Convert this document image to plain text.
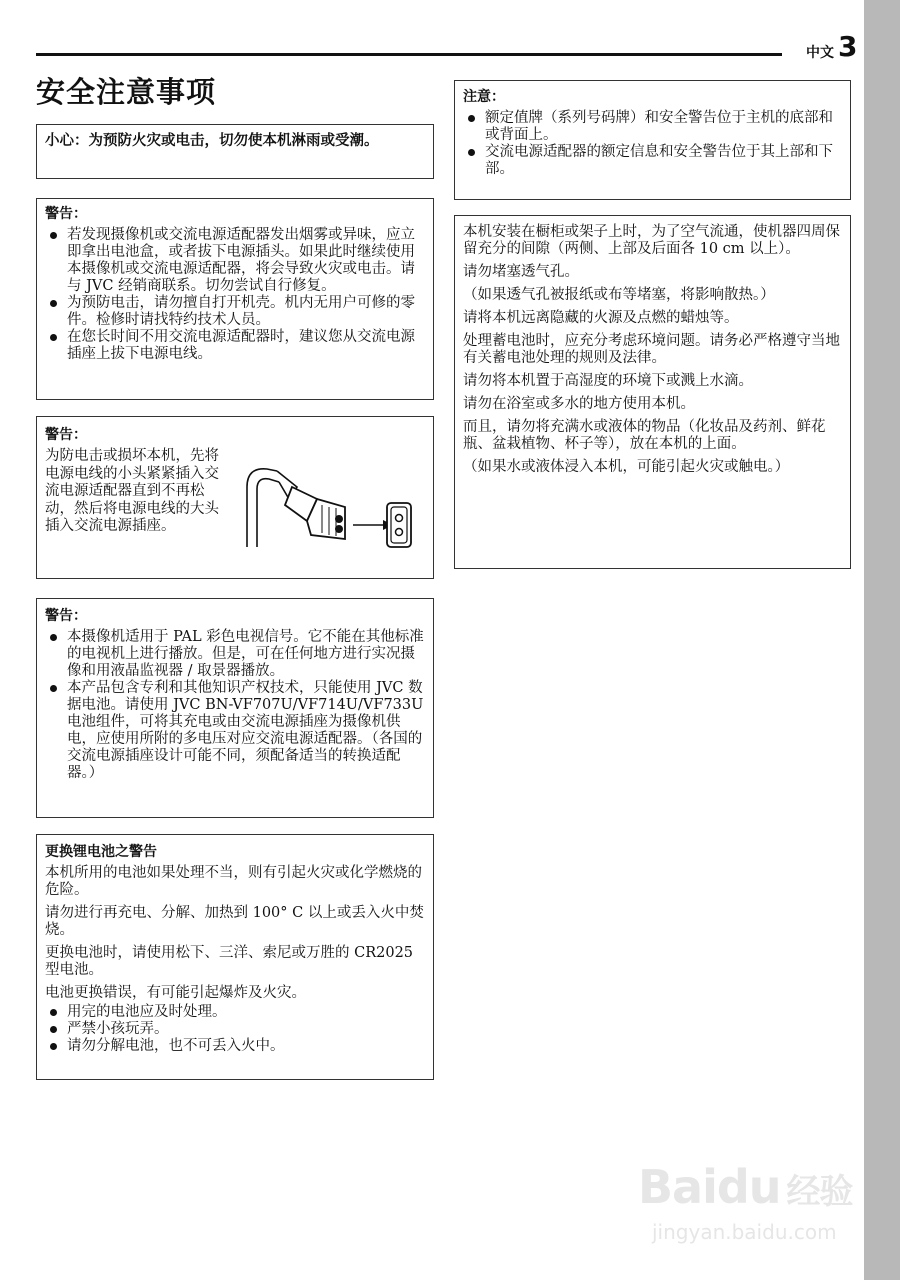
中文 3
安全注意事项
小心：为预防火灾或电击，切勿使本机淋雨或受潮。
警告：
若发现摄像机或交流电源适配器发出烟雾或异味，应立即拿出电池盒，或者拔下电源插头。如果此时继续使用本摄像机或交流电源适配器，将会导致火灾或电击。请与 JVC 经销商联系。切勿尝试自行修复。
为预防电击，请勿擅自打开机壳。机内无用户可修的零件。检修时请找特约技术人员。
在您长时间不用交流电源适配器时，建议您从交流电源插座上拔下电源电线。
警告：
为防电击或损坏本机，先将电源电线的小头紧紧插入交流电源适配器直到不再松动，然后将电源电线的大头插入交流电源插座。
警告：
本摄像机适用于 PAL 彩色电视信号。它不能在其他标准的电视机上进行播放。但是，可在任何地方进行实况摄像和用液晶监视器 / 取景器播放。
本产品包含专利和其他知识产权技术，只能使用 JVC 数据电池。请使用 JVC BN-VF707U/VF714U/VF733U 电池组件，可将其充电或由交流电源插座为摄像机供电，应使用所附的多电压对应交流电源适配器。（各国的交流电源插座设计可能不同，须配备适当的转换适配器。）
更换锂电池之警告

本机所用的电池如果处理不当，则有引起火灾或化学燃烧的危险。

请勿进行再充电、分解、加热到 100° C 以上或丢入火中焚烧。

更换电池时，请使用松下、三洋、索尼或万胜的 CR2025 型电池。

电池更换错误，有可能引起爆炸及火灾。

用完的电池应及时处理。
严禁小孩玩弄。
请勿分解电池，也不可丢入火中。
注意：
额定值牌（系列号码牌）和安全警告位于主机的底部和或背面上。
交流电源适配器的额定信息和安全警告位于其上部和下部。

本机安装在橱柜或架子上时，为了空气流通，使机器四周保留充分的间隙（两侧、上部及后面各 10 cm 以上）。

请勿堵塞透气孔。

（如果透气孔被报纸或布等堵塞，将影响散热。）

请将本机远离隐藏的火源及点燃的蜡烛等。

处理蓄电池时，应充分考虑环境问题。请务必严格遵守当地有关蓄电池处理的规则及法律。

请勿将本机置于高湿度的环境下或溅上水滴。

请勿在浴室或多水的地方使用本机。

而且，请勿将充满水或液体的物品（化妆品及药剂、鲜花瓶、盆栽植物、杯子等），放在本机的上面。

（如果水或液体浸入本机，可能引起火灾或触电。）

Baidu 经验
jingyan.baidu.com
